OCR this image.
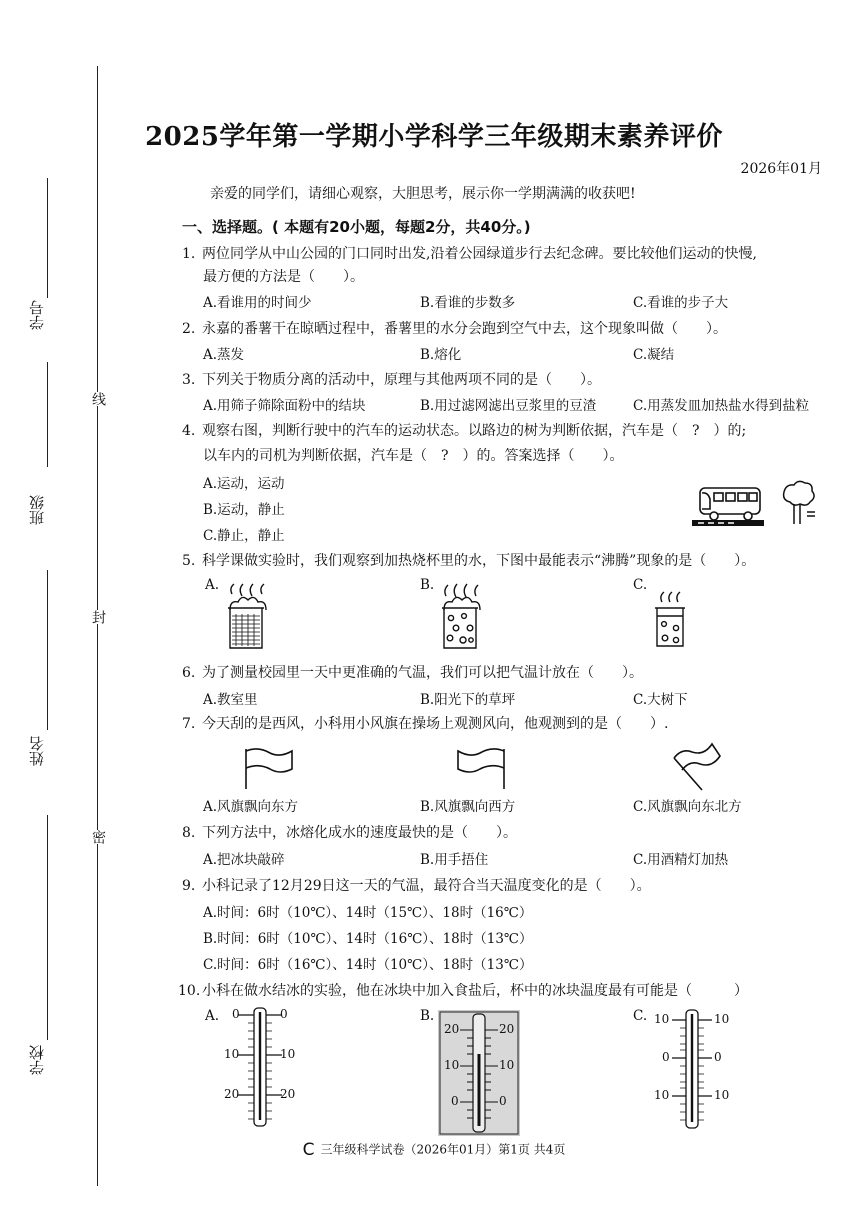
学号
班级
姓名
学校
线
封
密
2025学年第一学期小学科学三年级期末素养评价
2026年01月
亲爱的同学们，请细心观察，大胆思考，展示你一学期满满的收获吧!
一、选择题。( 本题有20小题，每题2分，共40分。)
1. 两位同学从中山公园的门口同时出发,沿着公园绿道步行去纪念碑。要比较他们运动的快慢,
最方便的方法是（　　）。
A.看谁用的时间少	B.看谁的步数多	C.看谁的步子大
2. 永嘉的番薯干在晾晒过程中，番薯里的水分会跑到空气中去，这个现象叫做（　　）。
A.蒸发	B.熔化	C.凝结
3. 下列关于物质分离的活动中，原理与其他两项不同的是（　　）。
A.用筛子筛除面粉中的结块	B.用过滤网滤出豆浆里的豆渣	C.用蒸发皿加热盐水得到盐粒
4. 观察右图，判断行驶中的汽车的运动状态。以路边的树为判断依据，汽车是（　?　）的;
以车内的司机为判断依据，汽车是（　?　）的。答案选择（　　）。
A.运动，运动
B.运动，静止
C.静止，静止
5. 科学课做实验时，我们观察到加热烧杯里的水，下图中最能表示“沸腾”现象的是（　　）。
A.	B.	C.
6. 为了测量校园里一天中更准确的气温，我们可以把气温计放在（　　）。
A.教室里	B.阳光下的草坪	C.大树下
7. 今天刮的是西风，小科用小风旗在操场上观测风向，他观测到的是（　　）.
A.风旗飘向东方	B.风旗飘向西方	C.风旗飘向东北方
8. 下列方法中，冰熔化成水的速度最快的是（　　）。
A.把冰块敲碎	B.用手捂住	C.用酒精灯加热
9. 小科记录了12月29日这一天的气温，最符合当天温度变化的是（　　）。
A.时间：6时（10℃）、14时（15℃）、18时（16℃）
B.时间：6时（10℃）、14时（16℃）、18时（13℃）
C.时间：6时（16℃）、14时（10℃）、18时（13℃）
10. 小科在做水结冰的实验，他在冰块中加入食盐后，杯中的冰块温度最有可能是（　　　）
A.	B.	C.
0	0
10	10
20	20
20	20
10	10
0	0
10	10
0	0
10	10
C 三年级科学试卷（2026年01月）第1页 共4页
